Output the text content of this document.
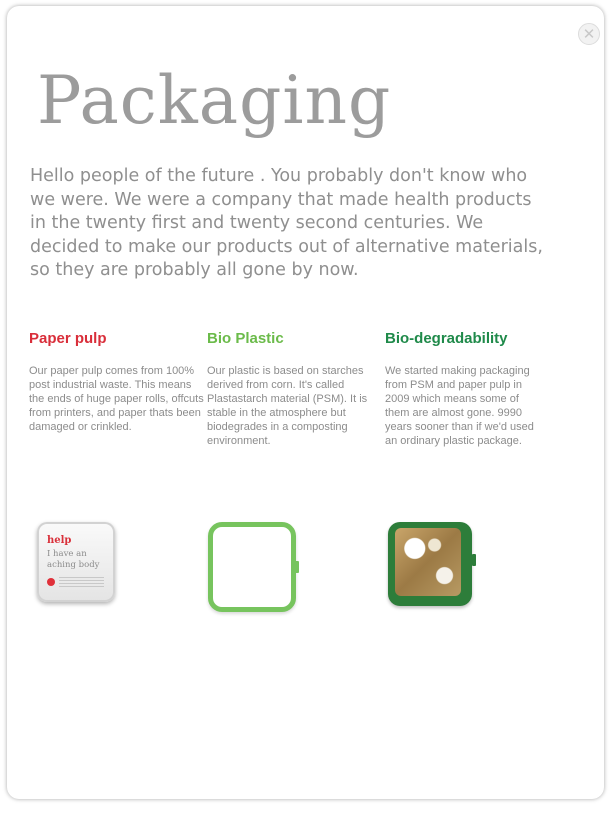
✕
Packaging

Hello people of the future . You probably don't know who we were. We were a company that made health products in the twenty first and twenty second centuries. We decided to make our products out of alternative materials, so they are probably all gone by now.

Paper pulp

Our paper pulp comes from 100% post industrial waste. This means the ends of huge paper rolls, offcuts from printers, and paper thats been damaged or crinkled.

Bio Plastic

Our plastic is based on starches derived from corn. It's called Plastastarch material (PSM). It is stable in the atmosphere but biodegrades in a composting environment.

Bio-degradability

We started making packaging from PSM and paper pulp in 2009 which means some of them are almost gone. 9990 years sooner than if we'd used an ordinary plastic package.

help
I have an
aching body
